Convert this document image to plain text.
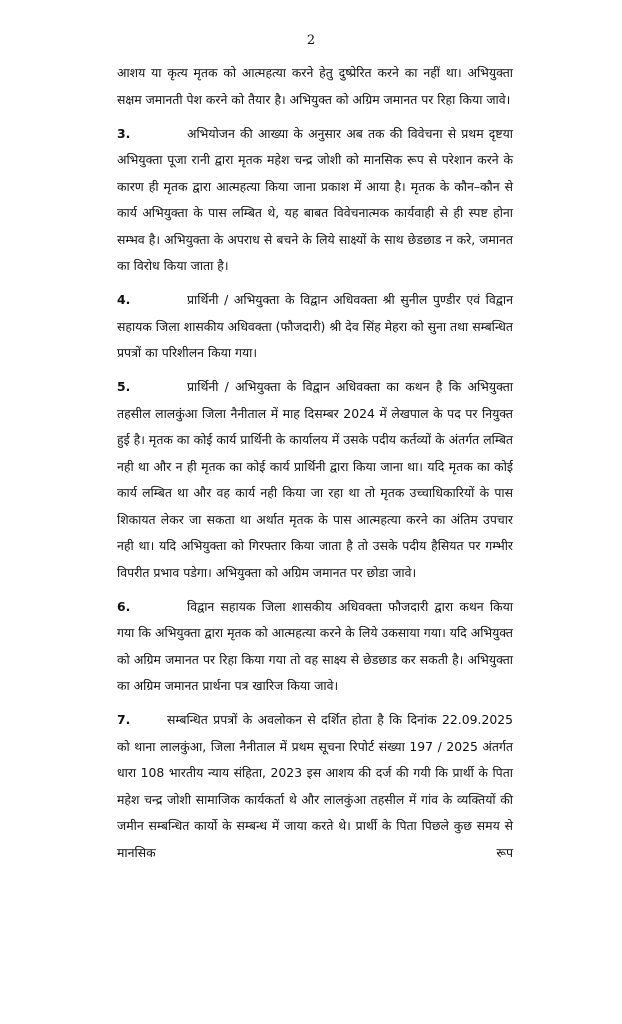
2

आशय या कृत्य मृतक को आत्महत्या करने हेतु दुष्प्रेरित करने का नहीं था। अभियुक्ता सक्षम जमानती पेश करने को तैयार है। अभियुक्त को अग्रिम जमानत पर रिहा किया जावे।

3.	अभियोजन की आख्या के अनुसार अब तक की विवेचना से प्रथम दृष्टया अभियुक्ता पूजा रानी द्वारा मृतक महेश चन्द्र जोशी को मानसिक रूप से परेशान करने के कारण ही मृतक द्वारा आत्महत्या किया जाना प्रकाश में आया है। मृतक के कौन–कौन से कार्य अभियुक्ता के पास लम्बित थे, यह बाबत विवेचनात्मक कार्यवाही से ही स्पष्ट होना सम्भव है। अभियुक्ता के अपराध से बचने के लिये साक्ष्यों के साथ छेडछाड न करे, जमानत का विरोध किया जाता है।

4.	प्रार्थिनी / अभियुक्ता के विद्वान अधिवक्ता श्री सुनील पुण्डीर एवं विद्वान सहायक जिला शासकीय अधिवक्ता (फौजदारी) श्री देव सिंह मेहरा को सुना तथा सम्बन्धित प्रपत्रों का परिशीलन किया गया।

5.	प्रार्थिनी / अभियुक्ता के विद्वान अधिवक्ता का कथन है कि अभियुक्ता तहसील लालकुंआ जिला नैनीताल में माह दिसम्बर 2024 में लेखपाल के पद पर नियुक्त हुई है। मृतक का कोई कार्य प्रार्थिनी के कार्यालय में उसके पदीय कर्तव्यों के अंतर्गत लम्बित नही था और न ही मृतक का कोई कार्य प्रार्थिनी द्वारा किया जाना था। यदि मृतक का कोई कार्य लम्बित था और वह कार्य नही किया जा रहा था तो मृतक उच्चाधिकारियों के पास शिकायत लेकर जा सकता था अर्थात मृतक के पास आत्महत्या करने का अंतिम उपचार नही था। यदि अभियुक्ता को गिरफ्तार किया जाता है तो उसके पदीय हैसियत पर गम्भीर विपरीत प्रभाव पडेगा। अभियुक्ता को अग्रिम जमानत पर छोडा जावे।

6.	विद्वान सहायक जिला शासकीय अधिवक्ता फौजदारी द्वारा कथन किया गया कि अभियुक्ता द्वारा मृतक को आत्महत्या करने के लिये उकसाया गया। यदि अभियुक्त को अग्रिम जमानत पर रिहा किया गया तो वह साक्ष्य से छेडछाड कर सकती है। अभियुक्ता का अग्रिम जमानत प्रार्थना पत्र खारिज किया जावे।

7.	सम्बन्धित प्रपत्रों के अवलोकन से दर्शित होता है कि दिनांक 22.09.2025 को थाना लालकुंआ, जिला नैनीताल में प्रथम सूचना रिपोर्ट संख्या 197 / 2025 अंतर्गत धारा 108 भारतीय न्याय संहिता, 2023 इस आशय की दर्ज की गयी कि प्रार्थी के पिता महेश चन्द्र जोशी सामाजिक कार्यकर्ता थे और लालकुंआ तहसील में गांव के व्यक्तियों की जमीन सम्बन्धित कार्यो के सम्बन्ध में जाया करते थे। प्रार्थी के पिता पिछले कुछ समय से मानसिक रूप
